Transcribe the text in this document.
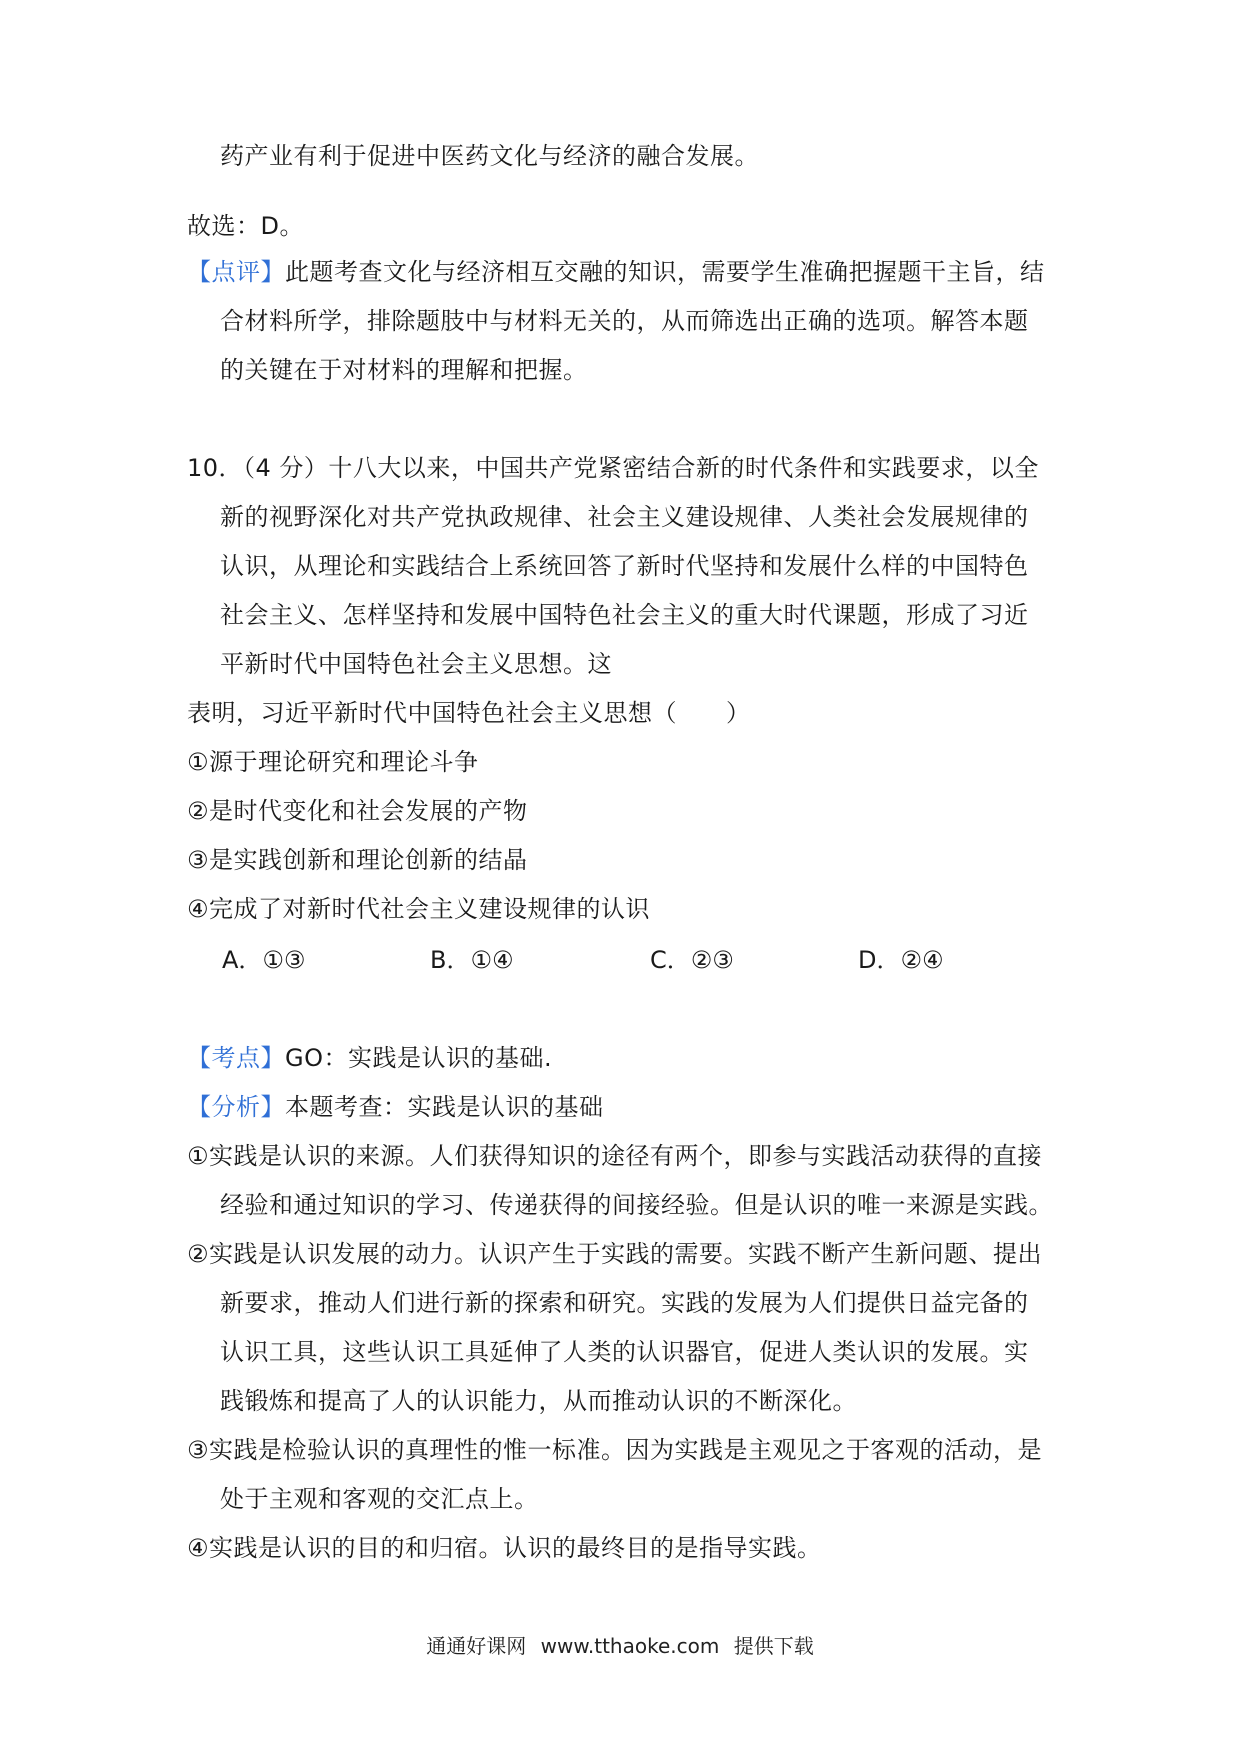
药产业有利于促进中医药文化与经济的融合发展。
故选：D。
【点评】此题考查文化与经济相互交融的知识，需要学生准确把握题干主旨，结
合材料所学，排除题肢中与材料无关的，从而筛选出正确的选项。解答本题
的关键在于对材料的理解和把握。
10．（4 分）十八大以来，中国共产党紧密结合新的时代条件和实践要求，以全
新的视野深化对共产党执政规律、社会主义建设规律、人类社会发展规律的
认识，从理论和实践结合上系统回答了新时代坚持和发展什么样的中国特色
社会主义、怎样坚持和发展中国特色社会主义的重大时代课题，形成了习近
平新时代中国特色社会主义思想。这
表明，习近平新时代中国特色社会主义思想（　　）
①源于理论研究和理论斗争
②是时代变化和社会发展的产物
③是实践创新和理论创新的结晶
④完成了对新时代社会主义建设规律的认识
A．①③	B．①④	C．②③	D．②④
【考点】GO：实践是认识的基础.
【分析】本题考查：实践是认识的基础
①实践是认识的来源。人们获得知识的途径有两个，即参与实践活动获得的直接
经验和通过知识的学习、传递获得的间接经验。但是认识的唯一来源是实践。
②实践是认识发展的动力。认识产生于实践的需要。实践不断产生新问题、提出
新要求，推动人们进行新的探索和研究。实践的发展为人们提供日益完备的
认识工具，这些认识工具延伸了人类的认识器官，促进人类认识的发展。实
践锻炼和提高了人的认识能力，从而推动认识的不断深化。
③实践是检验认识的真理性的惟一标准。因为实践是主观见之于客观的活动，是
处于主观和客观的交汇点上。
④实践是认识的目的和归宿。认识的最终目的是指导实践。
通通好课网 www.tthaoke.com 提供下载
